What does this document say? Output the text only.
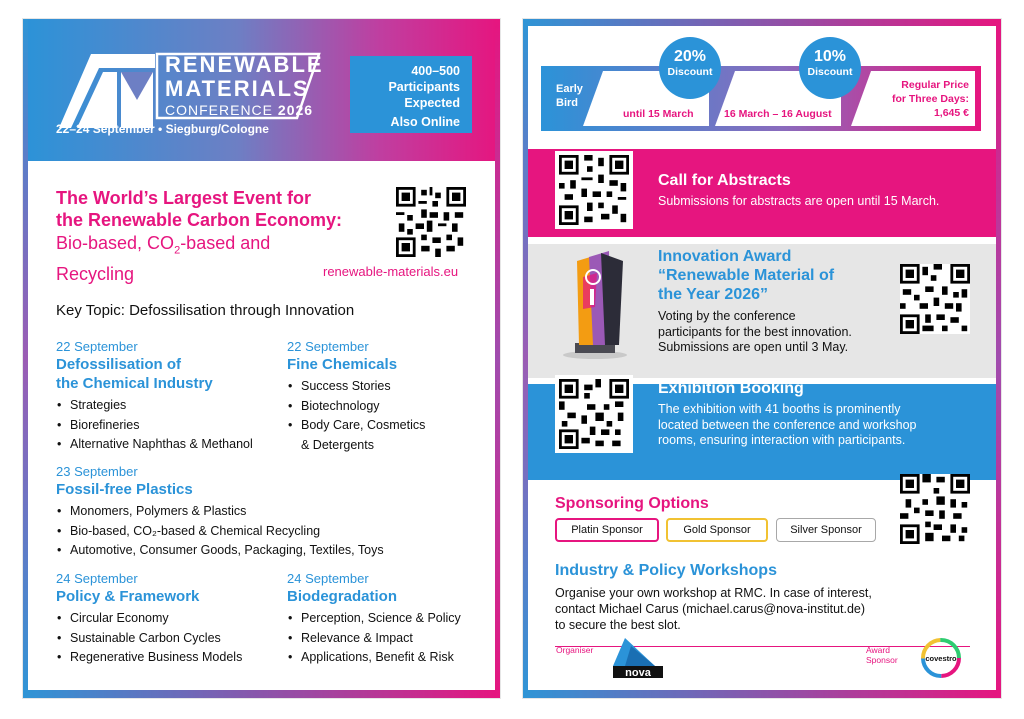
RENEWABLE
MATERIALS
CONFERENCE 2026
22–24 September • Siegburg/Cologne
400–500
Participants
Expected
Also Online
The World’s Largest Event for
the Renewable Carbon Economy:
Bio-based, $CO_2$-based and
Recycling	renewable-materials.eu
Key Topic: Defossilisation through Innovation
22 September
Defossilisation of
the Chemical Industry
• Strategies
• Biorefineries
• Alternative Naphthas & Methanol
22 September
Fine Chemicals
• Success Stories
• Biotechnology
• Body Care, Cosmetics
& Detergents
23 September
Fossil-free Plastics
• Monomers, Polymers & Plastics
• Bio-based, CO₂-based & Chemical Recycling
• Automotive, Consumer Goods, Packaging, Textiles, Toys
24 September
Policy & Framework
• Circular Economy
• Sustainable Carbon Cycles
• Regenerative Business Models
24 September
Biodegradation
• Perception, Science & Policy
• Relevance & Impact
• Applications, Benefit & Risk
Early
Bird
until 15 March	16 March – 16 August
Regular Price
for Three Days:
1,645 €
20%
Discount
10%
Discount
Call for Abstracts
Submissions for abstracts are open until 15 March.
Innovation Award
“Renewable Material of
the Year 2026”
Voting by the conference
participants for the best innovation.
Submissions are open until 3 May.
Exhibition Booking
The exhibition with 41 booths is prominently
located between the conference and workshop
rooms, ensuring interaction with participants.
Sponsoring Options
Platin Sponsor	Gold Sponsor	Silver Sponsor
Industry & Policy Workshops
Organise your own workshop at RMC. In case of interest,
contact Michael Carus (michael.carus@nova-institut.de)
to secure the best slot.
Organiser
nova
Award
Sponsor	covestro
